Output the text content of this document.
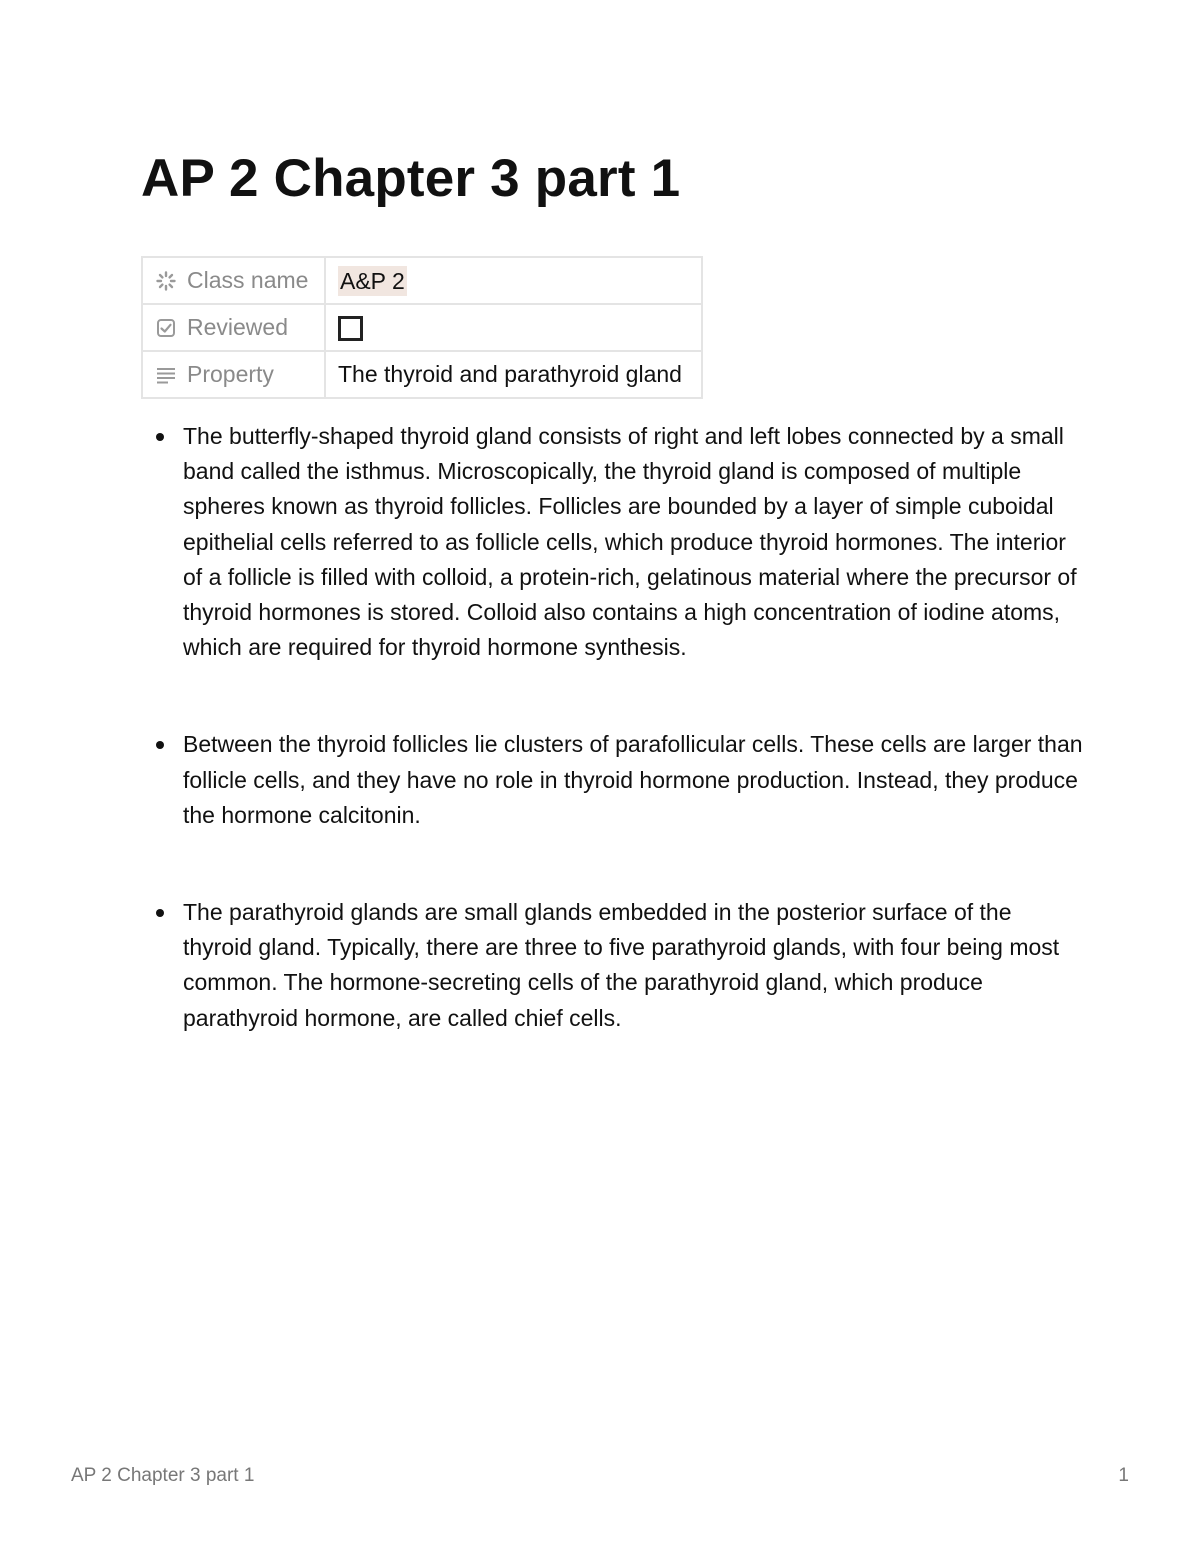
AP 2 Chapter 3 part 1
Class name	A&P 2

Reviewed	

Property	The thyroid and parathyroid gland
The butterfly-shaped thyroid gland consists of right and left lobes connected by a small band called the isthmus. Microscopically, the thyroid gland is composed of multiple spheres known as thyroid follicles. Follicles are bounded by a layer of simple cuboidal epithelial cells referred to as follicle cells, which produce thyroid hormones. The interior of a follicle is filled with colloid, a protein-rich, gelatinous material where the precursor of thyroid hormones is stored. Colloid also contains a high concentration of iodine atoms, which are required for thyroid hormone synthesis.
Between the thyroid follicles lie clusters of parafollicular cells. These cells are larger than follicle cells, and they have no role in thyroid hormone production. Instead, they produce the hormone calcitonin.
The parathyroid glands are small glands embedded in the posterior surface of the thyroid gland. Typically, there are three to five parathyroid glands, with four being most common. The hormone-secreting cells of the parathyroid gland, which produce parathyroid hormone, are called chief cells.
AP 2 Chapter 3 part 1	1
